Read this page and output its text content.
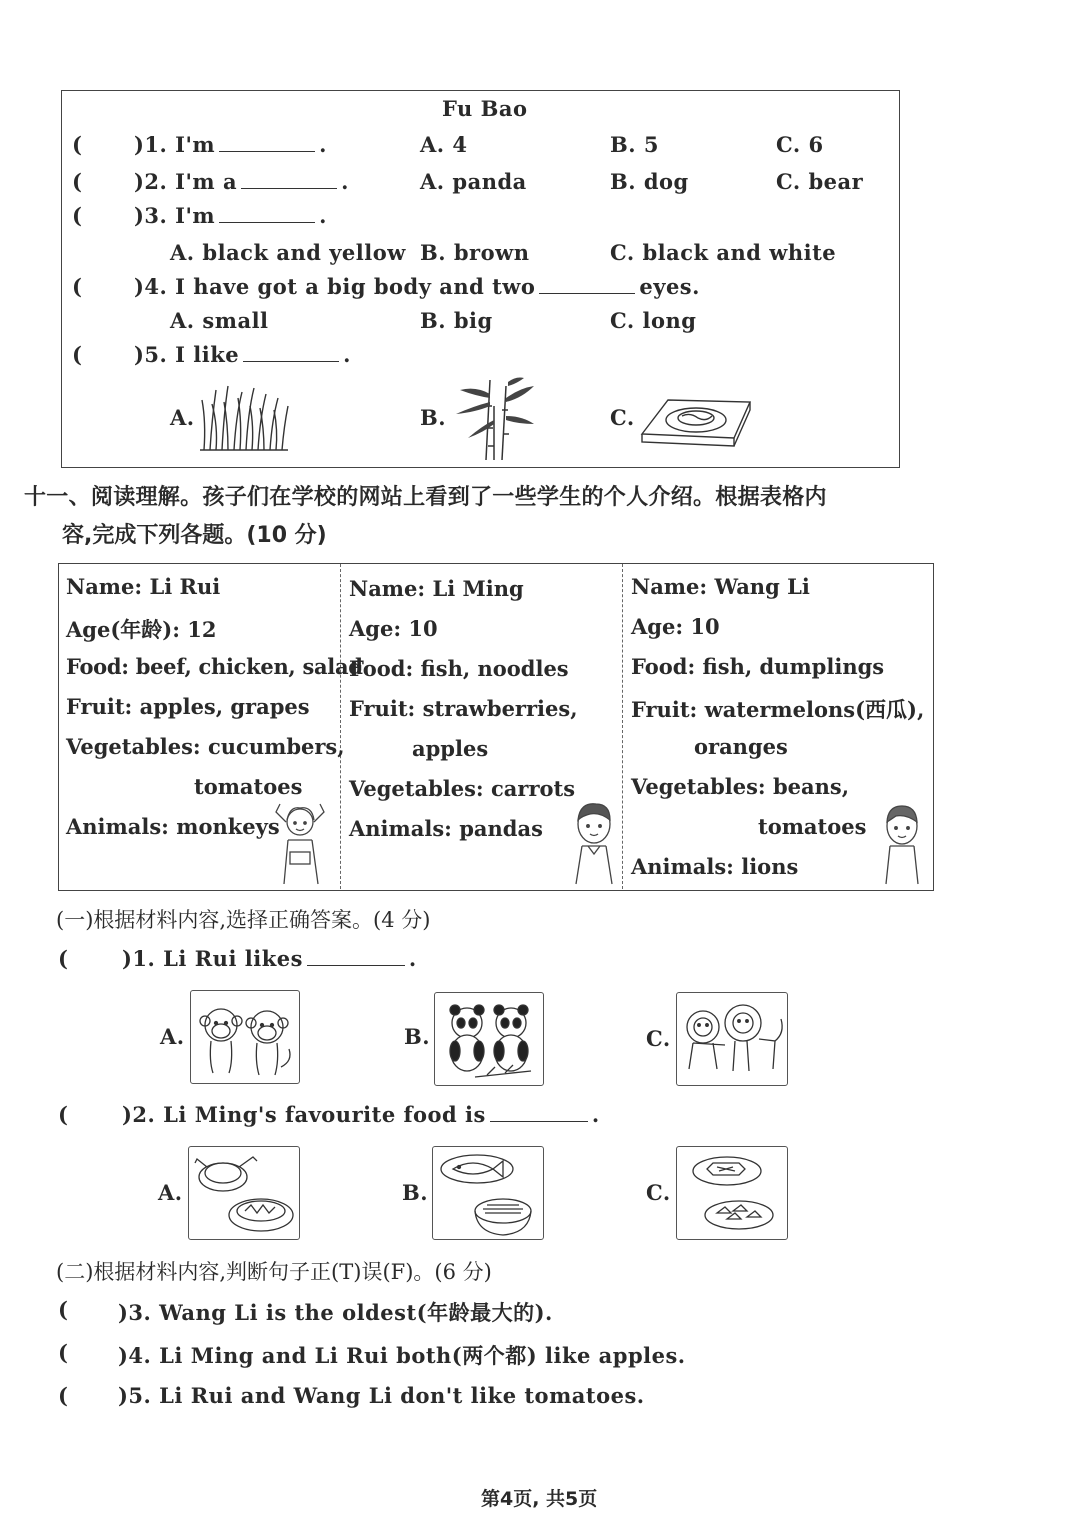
Fu Bao
( )1. I'm	.	A. 4	B. 5	C. 6
( )2. I'm a	.	A. panda	B. dog	C. bear
( )3. I'm	.
A. black and yellow B. brown	C. black and white
( )4. I have got a big body and two	eyes.
A. small	B. big	C. long
( )5. I like	.
A.	B.	C.
十一、阅读理解。孩子们在学校的网站上看到了一些学生的个人介绍。根据表格内
容,完成下列各题。(10 分)
Name: Li Rui
Age(年龄): 12
Food: beef, chicken, salad
Fruit: apples, grapes
Vegetables: cucumbers,
tomatoes
Animals: monkeys
Name: Li Ming
Age: 10
Food: fish, noodles
Fruit: strawberries,
apples
Vegetables: carrots
Animals: pandas
Name: Wang Li
Age: 10
Food: fish, dumplings
Fruit: watermelons(西瓜),
oranges
Vegetables: beans,
tomatoes
Animals: lions
(一)根据材料内容,选择正确答案。(4 分)
(	)1. Li Rui likes	.
A.	B.	C.
(	)2. Li Ming's favourite food is	.
A.	B.	C.
(二)根据材料内容,判断句子正(T)误(F)。(6 分)
( )3. Wang Li is the oldest(年龄最大的).
( )4. Li Ming and Li Rui both(两个都) like apples.
( )5. Li Rui and Wang Li don't like tomatoes.
第4页, 共5页
